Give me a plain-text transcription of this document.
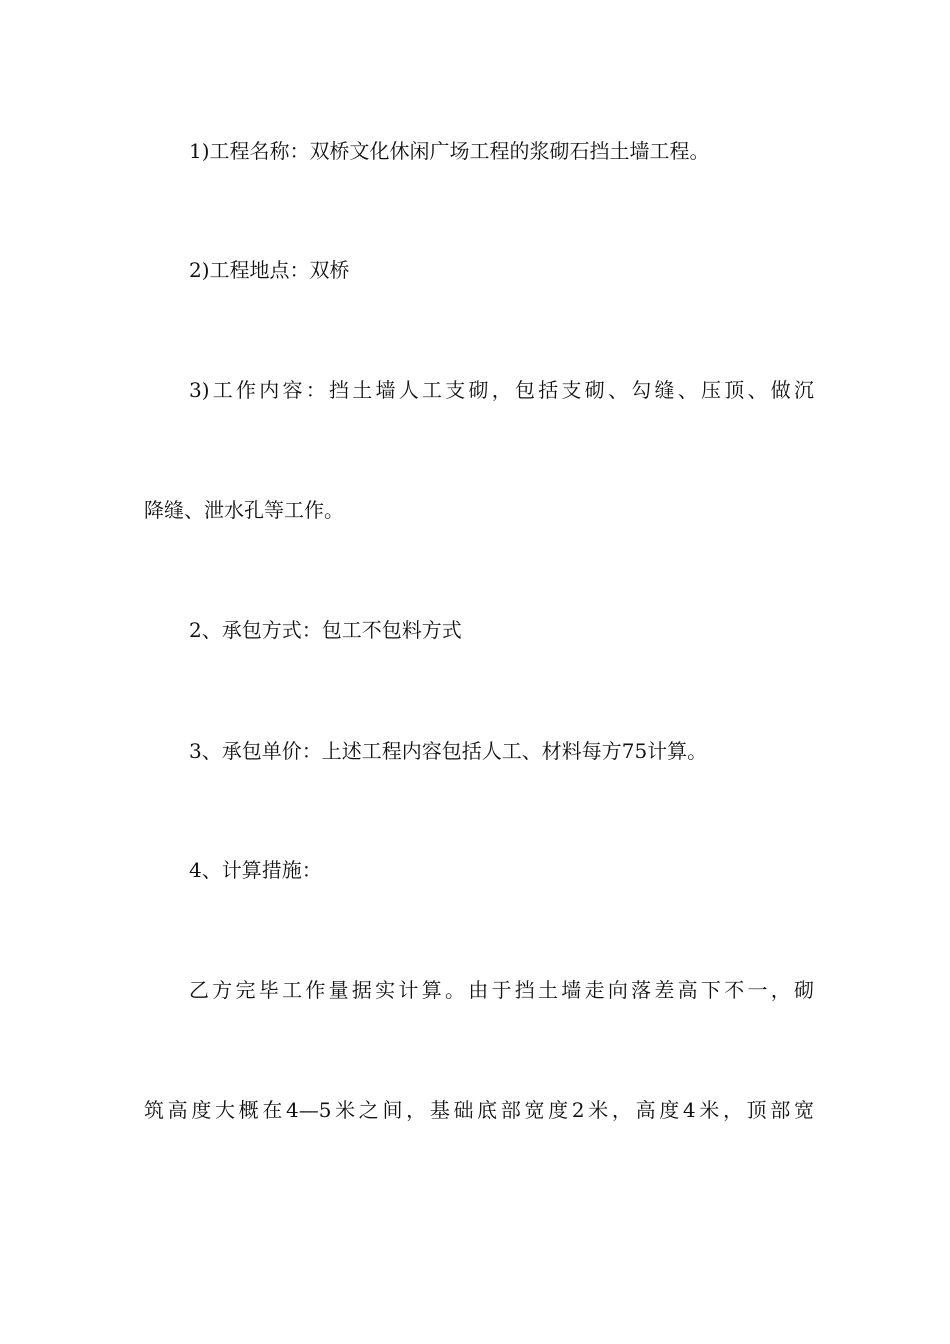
1)工程名称：双桥文化休闲广场工程的浆砌石挡土墙工程。
2)工程地点：双桥
3)工作内容：挡土墙人工支砌，包括支砌、勾缝、压顶、做沉
降缝、泄水孔等工作。
2、承包方式：包工不包料方式
3、承包单价：上述工程内容包括人工、材料每方75计算。
4、计算措施：
乙方完毕工作量据实计算。由于挡土墙走向落差高下不一，砌
筑高度大概在4—5米之间，基础底部宽度2米，高度4米，顶部宽
